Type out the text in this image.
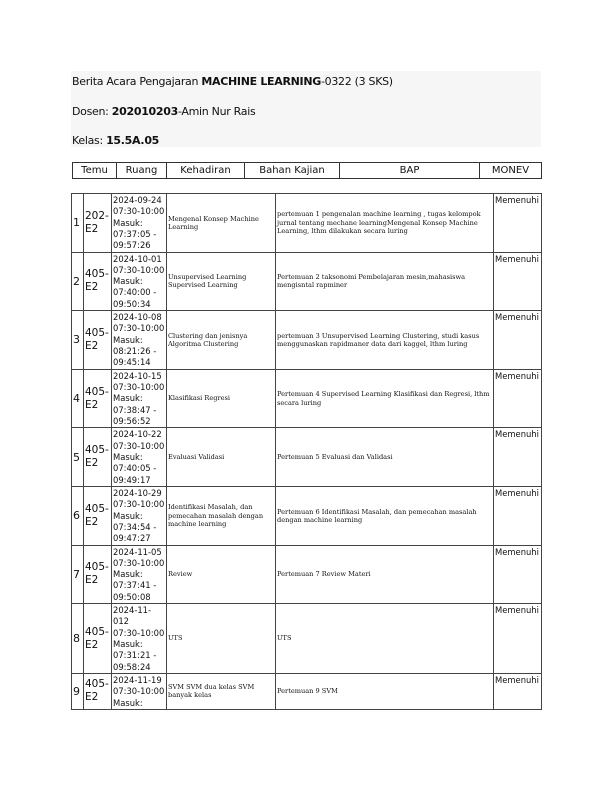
Berita Acara Pengajaran MACHINE LEARNING-0322 (3 SKS)
Dosen: 202010203-Amin Nur Rais
Kelas: 15.5A.05
Temu	Ruang	Kehadiran	Bahan Kajian	BAP	MONEV
1	202-E2	2024-09-24
07:30-10:00
Masuk:
07:37:05 - 09:57:26	Mengenal Konsep Machine Learning	pertemuan 1 pengenalan machine learning , tugas kelompok jurnal tentang mechane learningMengenal Konsep Machine Learning, lthm dilakukan secara luring	Memenuhi
2	405-E2	2024-10-01
07:30-10:00
Masuk:
07:40:00 - 09:50:34	Unsupervised Learning Supervised Learning	Pertemuan 2 taksonomi Pembelajaran mesin,mahasiswa mengisntal rapminer	Memenuhi
3	405-E2	2024-10-08
07:30-10:00
Masuk:
08:21:26 - 09:45:14	Clustering dan jenisnya Algoritma Clustering	pertemuan 3 Unsupervised Learning Clustering, studi kasus menggunaskan rapidmaner data dari kaggel, lthm luring	Memenuhi
4	405-E2	2024-10-15
07:30-10:00
Masuk:
07:38:47 - 09:56:52	Klasifikasi Regresi	Pertemuan 4 Supervised Learning Klasifikasi dan Regresi, lthm secara luring	Memenuhi
5	405-E2	2024-10-22
07:30-10:00
Masuk:
07:40:05 - 09:49:17	Evaluasi Validasi	Pertemuan 5 Evaluasi dan Validasi	Memenuhi
6	405-E2	2024-10-29
07:30-10:00
Masuk:
07:34:54 - 09:47:27	Identifikasi Masalah, dan pemecahan masalah dengan machine learning	Pertemuan 6 Identifikasi Masalah, dan pemecahan masalah dengan machine learning	Memenuhi
7	405-E2	2024-11-05
07:30-10:00
Masuk:
07:37:41 - 09:50:08	Review	Pertemuan 7 Review Materi	Memenuhi
8	405-E2	2024-11-012
07:30-10:00
Masuk:
07:31:21 - 09:58:24	UTS	UTS	Memenuhi
9	405-E2	2024-11-19
07:30-10:00
Masuk:	SVM SVM dua kelas SVM banyak kelas	Pertemuan 9 SVM	Memenuhi
